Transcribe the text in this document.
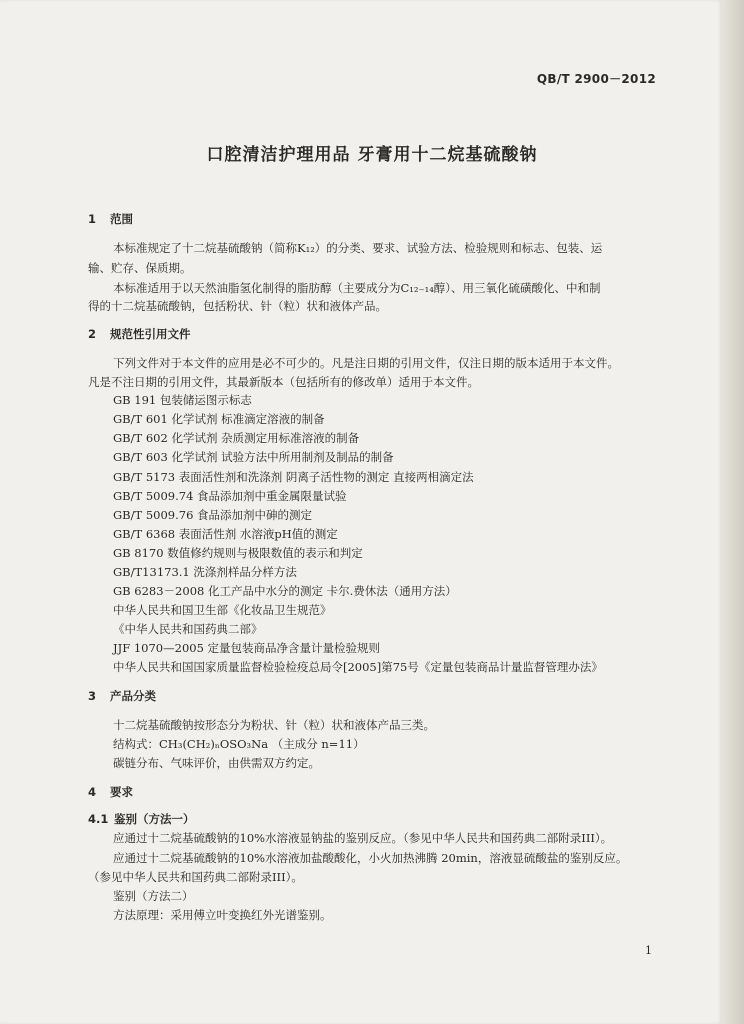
QB/T 2900－2012
口腔清洁护理用品 牙膏用十二烷基硫酸钠
1 范围
本标准规定了十二烷基硫酸钠（简称K₁₂）的分类、要求、试验方法、检验规则和标志、包装、运
输、贮存、保质期。
本标准适用于以天然油脂氢化制得的脂肪醇（主要成分为C₁₂₋₁₄醇）、用三氧化硫磺酸化、中和制
得的十二烷基硫酸钠，包括粉状、针（粒）状和液体产品。
2 规范性引用文件
下列文件对于本文件的应用是必不可少的。凡是注日期的引用文件，仅注日期的版本适用于本文件。
凡是不注日期的引用文件，其最新版本（包括所有的修改单）适用于本文件。
GB 191 包装储运图示标志
GB/T 601 化学试剂 标准滴定溶液的制备
GB/T 602 化学试剂 杂质测定用标准溶液的制备
GB/T 603 化学试剂 试验方法中所用制剂及制品的制备
GB/T 5173 表面活性剂和洗涤剂 阴离子活性物的测定 直接两相滴定法
GB/T 5009.74 食品添加剂中重金属限量试验
GB/T 5009.76 食品添加剂中砷的测定
GB/T 6368 表面活性剂 水溶液pH值的测定
GB 8170 数值修约规则与极限数值的表示和判定
GB/T13173.1 洗涤剂样品分样方法
GB 6283－2008 化工产品中水分的测定 卡尔.费休法（通用方法）
中华人民共和国卫生部《化妆品卫生规范》
《中华人民共和国药典二部》
JJF 1070—2005 定量包装商品净含量计量检验规则
中华人民共和国国家质量监督检验检疫总局令[2005]第75号《定量包装商品计量监督管理办法》
3 产品分类
十二烷基硫酸钠按形态分为粉状、针（粒）状和液体产品三类。
结构式：CH₃(CH₂)ₙOSO₃Na （主成分 n=11）
碳链分布、气味评价，由供需双方约定。
4 要求
4.1 鉴别（方法一）
应通过十二烷基硫酸钠的10%水溶液显钠盐的鉴别反应。（参见中华人民共和国药典二部附录III）。
应通过十二烷基硫酸钠的10%水溶液加盐酸酸化，小火加热沸腾 20min，溶液显硫酸盐的鉴别反应。
（参见中华人民共和国药典二部附录III）。
鉴别（方法二）
方法原理：采用傅立叶变换红外光谱鉴别。
1
